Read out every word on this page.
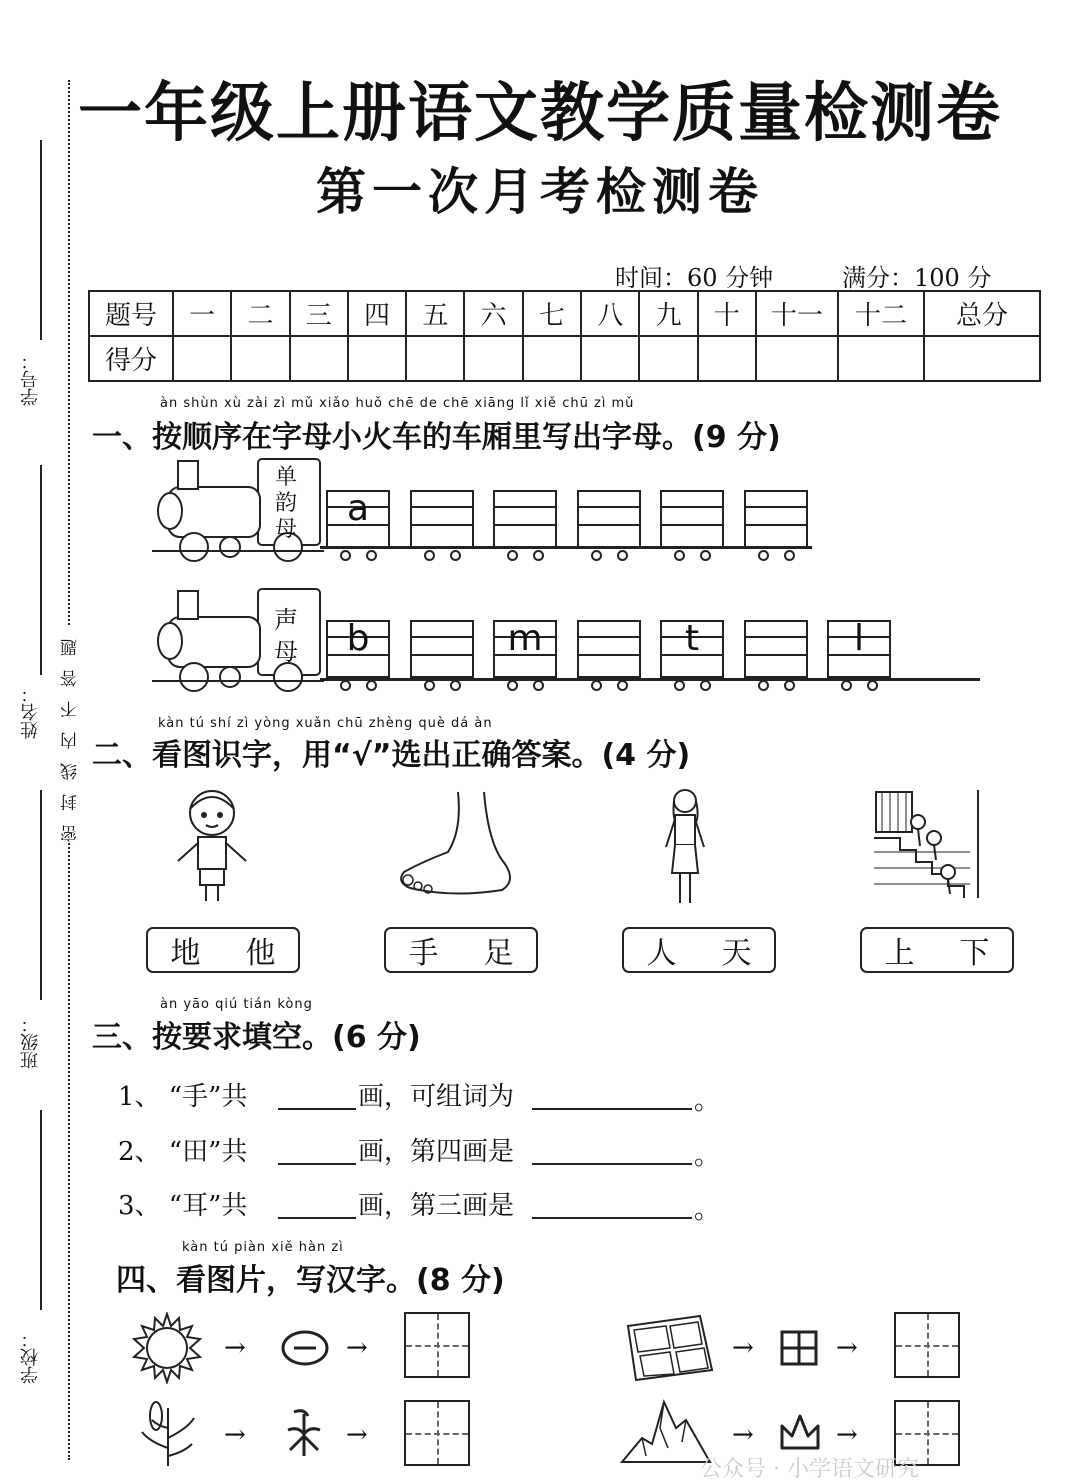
学号：
姓名： 密封线内不答题
班级：
学校：
一年级上册语文教学质量检测卷
第一次月考检测卷
时间：60 分钟	满分：100 分
题号	一	二	三	四	五	六	七	八	九	十	十一	十二	总分
得分													
àn shùn xù zài zì mǔ xiǎo huǒ chē de chē xiāng lǐ xiě chū zì mǔ
一、按顺序在字母小火车的车厢里写出字母。(9 分)
单韵母
a
声母	b	m	t	l
kàn tú shí zì yòng xuǎn chū zhèng què dá àn
二、看图识字，用“√”选出正确答案。(4 分)
地 他	手 足	人 天	上 下
àn yāo qiú tián kòng
三、按要求填空。(6 分)
1、 “手”共	画，可组词为	。
2、 “田”共	画，第四画是	。
3、 “耳”共	画，第三画是	。
kàn tú piàn xiě hàn zì
四、看图片，写汉字。(8 分)
→	→	→	→
→	→	→	→
公众号 · 小学语文研究
